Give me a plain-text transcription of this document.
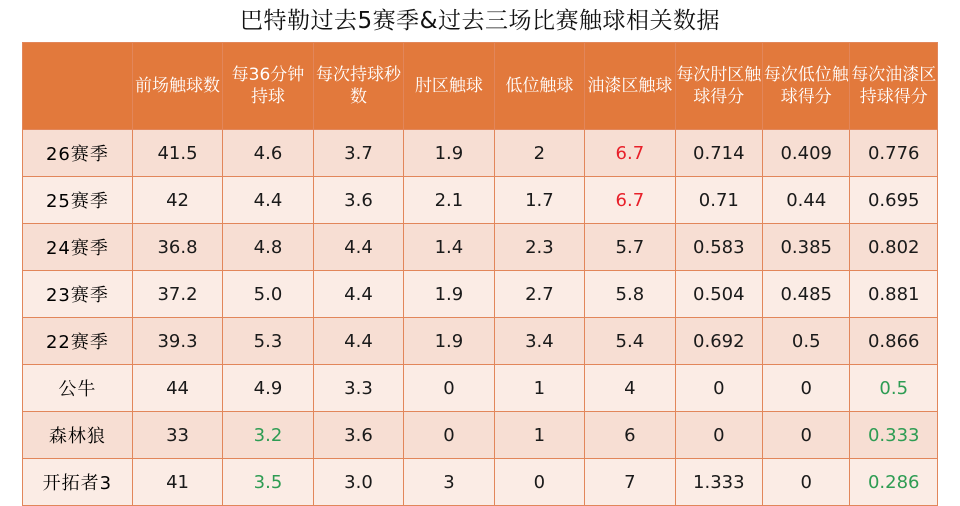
巴特勒过去5赛季&过去三场比赛触球相关数据
	前场触球数	每36分钟持球	每次持球秒数	肘区触球	低位触球	油漆区触球	每次肘区触球得分	每次低位触球得分	每次油漆区持球得分
26赛季	41.5	4.6	3.7	1.9	2	6.7	0.714	0.409	0.776
25赛季	42	4.4	3.6	2.1	1.7	6.7	0.71	0.44	0.695
24赛季	36.8	4.8	4.4	1.4	2.3	5.7	0.583	0.385	0.802
23赛季	37.2	5.0	4.4	1.9	2.7	5.8	0.504	0.485	0.881
22赛季	39.3	5.3	4.4	1.9	3.4	5.4	0.692	0.5	0.866
公牛	44	4.9	3.3	0	1	4	0	0	0.5
森林狼	33	3.2	3.6	0	1	6	0	0	0.333
开拓者3	41	3.5	3.0	3	0	7	1.333	0	0.286
